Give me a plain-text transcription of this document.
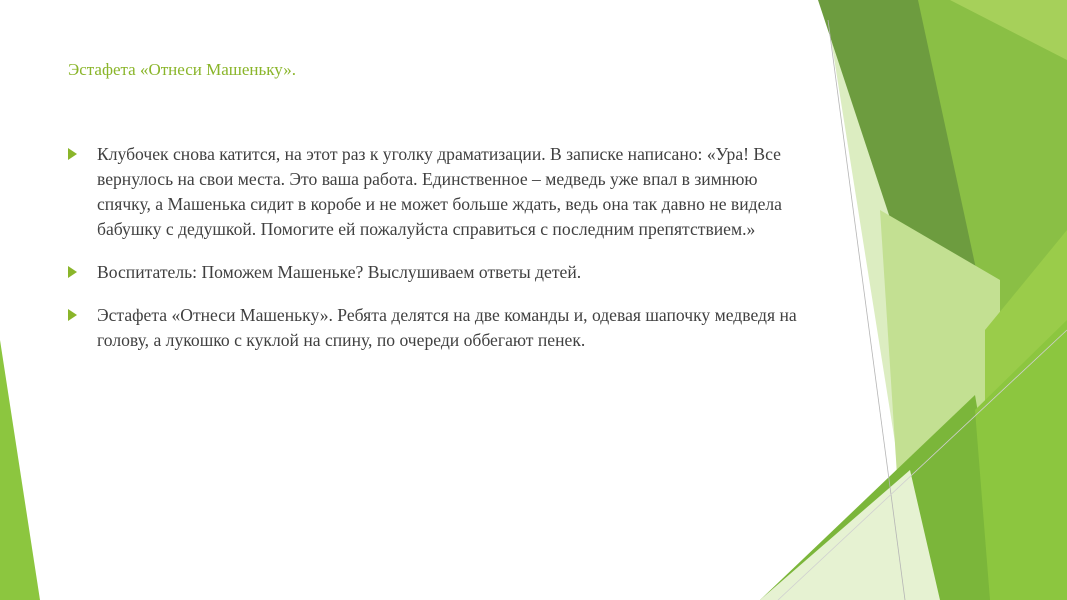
Эстафета «Отнеси Машеньку».
Клубочек снова катится, на этот раз к уголку драматизации. В записке написано: «Ура! Все вернулось на свои места. Это ваша работа. Единственное – медведь уже впал в зимнюю спячку, а Машенька сидит в коробе и не может больше ждать, ведь она так давно не видела бабушку с дедушкой. Помогите ей пожалуйста справиться с последним препятствием.»
Воспитатель: Поможем Машеньке? Выслушиваем ответы детей.
Эстафета «Отнеси Машеньку». Ребята делятся на две команды и, одевая шапочку медведя на голову, а лукошко с куклой на спину, по очереди оббегают пенек.
